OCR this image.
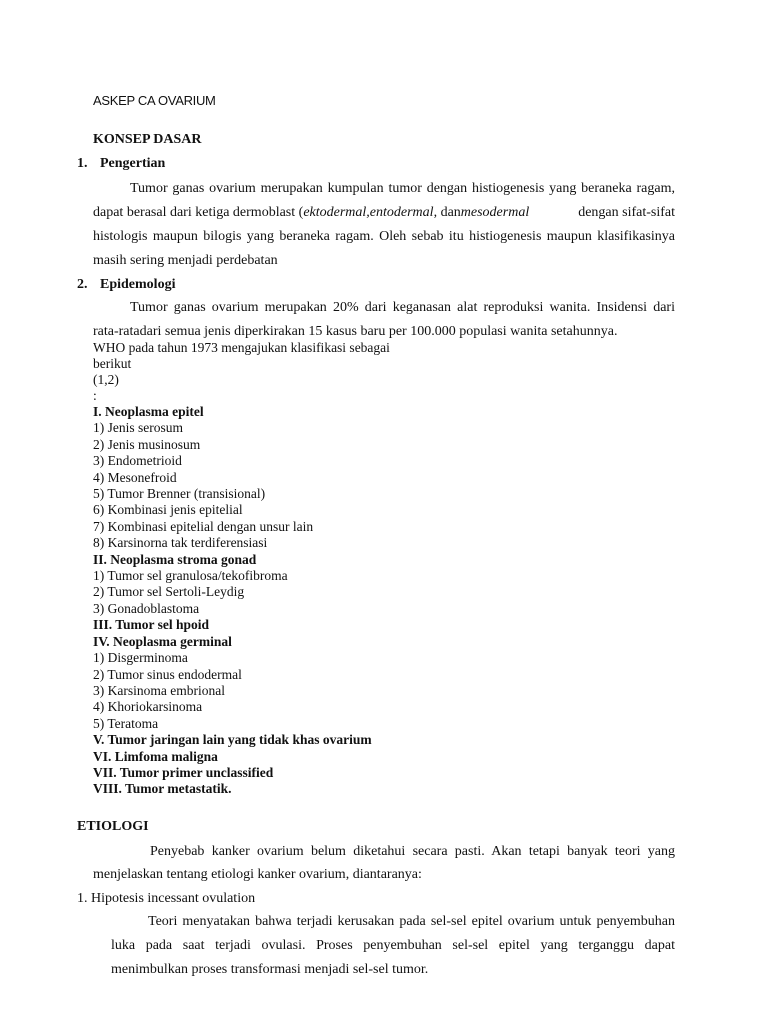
ASKEP CA OVARIUM
KONSEP DASAR
1. Pengertian
Tumor ganas ovarium merupakan kumpulan tumor dengan histiogenesis yang beraneka ragam,
dapat berasal dari ketiga dermoblast (ektodermal,entodermal, danmesodermal	dengan sifat-sifat
histologis maupun bilogis yang beraneka ragam. Oleh sebab itu histiogenesis maupun klasifikasinya
masih sering menjadi perdebatan
2. Epidemologi
Tumor ganas ovarium merupakan 20% dari keganasan alat reproduksi wanita. Insidensi dari
rata-ratadari semua jenis diperkirakan 15 kasus baru per 100.000 populasi wanita setahunnya.
WHO pada tahun 1973 mengajukan klasifikasi sebagai
berikut
(1,2)
:
I. Neoplasma epitel
1) Jenis serosum
2) Jenis musinosum
3) Endometrioid
4) Mesonefroid
5) Tumor Brenner (transisional)
6) Kombinasi jenis epitelial
7) Kombinasi epitelial dengan unsur lain
8) Karsinorna tak terdiferensiasi
II. Neoplasma stroma gonad
1) Tumor sel granulosa/tekofibroma
2) Tumor sel Sertoli-Leydig
3) Gonadoblastoma
III. Tumor sel hpoid
IV. Neoplasma germinal
1) Disgerminoma
2) Tumor sinus endodermal
3) Karsinoma embrional
4) Khoriokarsinoma
5) Teratoma
V. Tumor jaringan lain yang tidak khas ovarium
VI. Limfoma maligna
VII. Tumor primer unclassified
VIII. Tumor metastatik.
ETIOLOGI
Penyebab kanker ovarium belum diketahui secara pasti. Akan tetapi banyak teori yang
menjelaskan tentang etiologi kanker ovarium, diantaranya:
1. Hipotesis incessant ovulation
Teori menyatakan bahwa terjadi kerusakan pada sel-sel epitel ovarium untuk penyembuhan
luka pada saat terjadi ovulasi. Proses penyembuhan sel-sel epitel yang terganggu dapat
menimbulkan proses transformasi menjadi sel-sel tumor.
